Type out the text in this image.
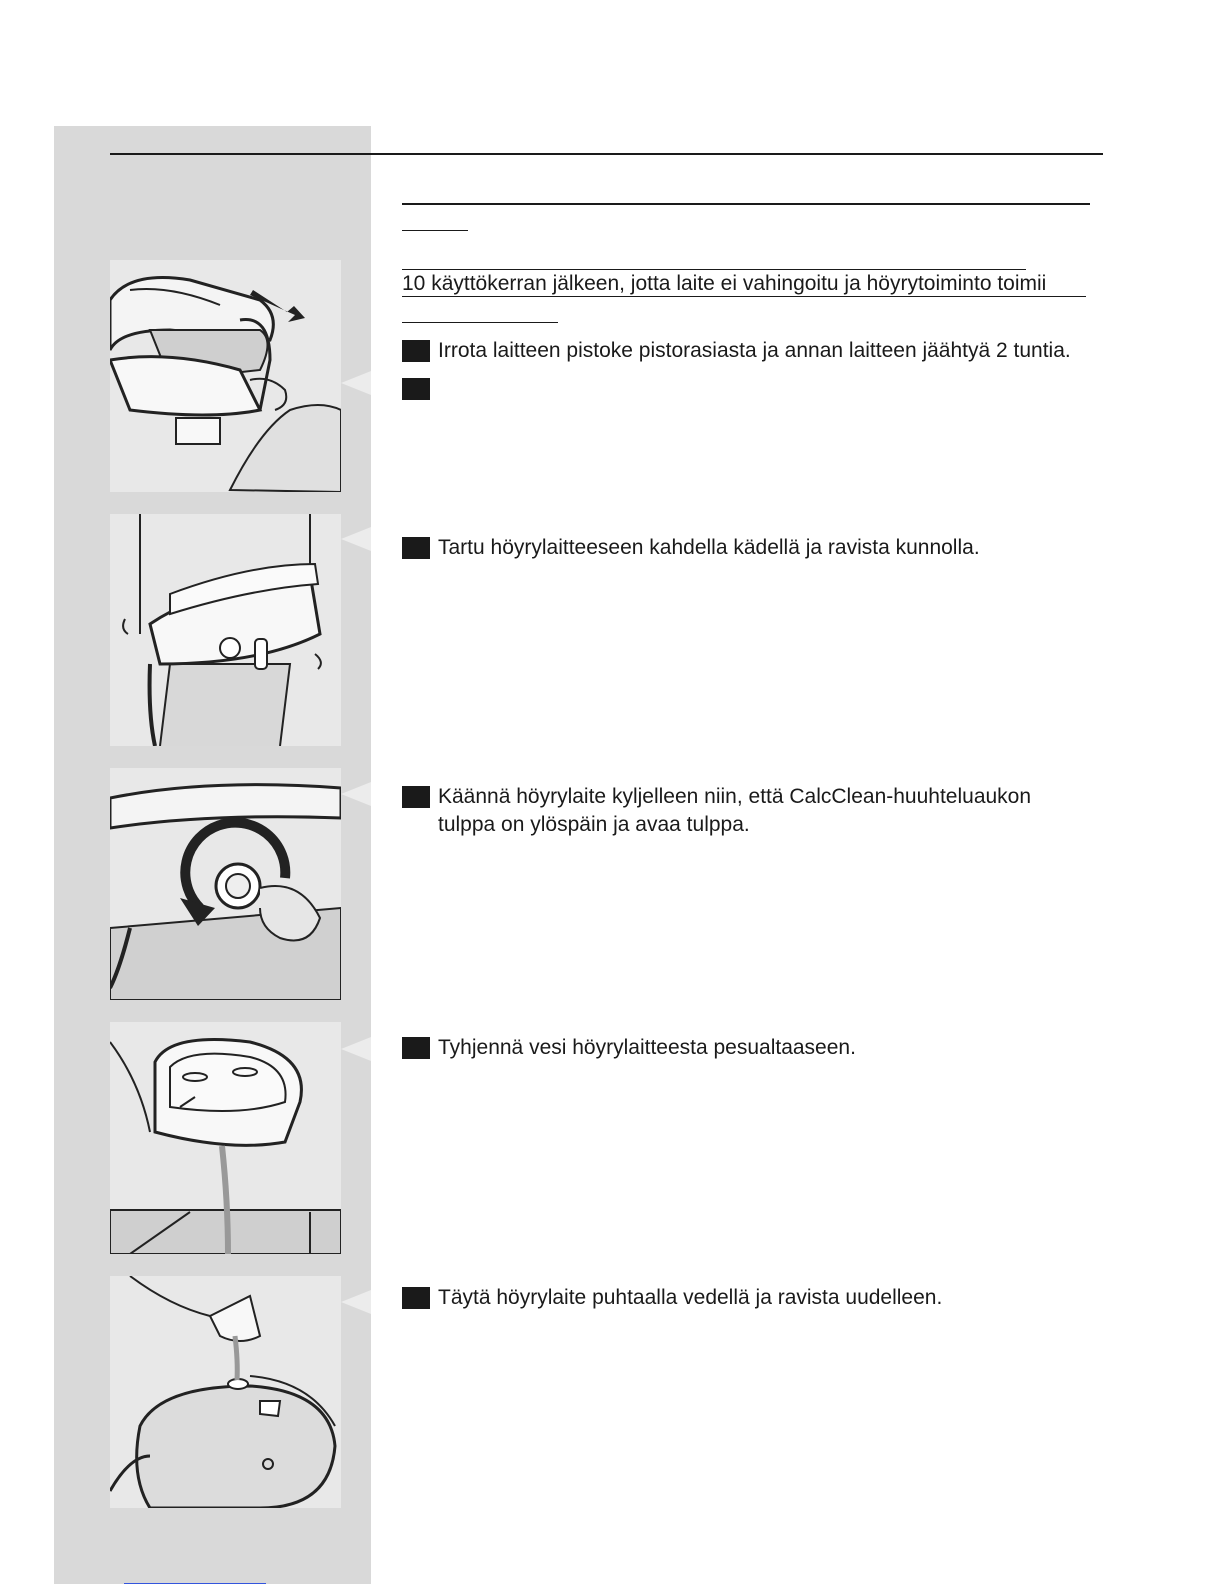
10 käyttökerran jälkeen, jotta laite ei vahingoitu ja höyrytoiminto toimii
Irrota laitteen pistoke pistorasiasta ja annan laitteen jäähtyä 2 tuntia.
Tartu höyrylaitteeseen kahdella kädellä ja ravista kunnolla.
Käännä höyrylaite kyljelleen niin, että CalcClean-huuhteluaukon tulppa on ylöspäin ja avaa tulppa.
Tyhjennä vesi höyrylaitteesta pesualtaaseen.
Täytä höyrylaite puhtaalla vedellä ja ravista uudelleen.
